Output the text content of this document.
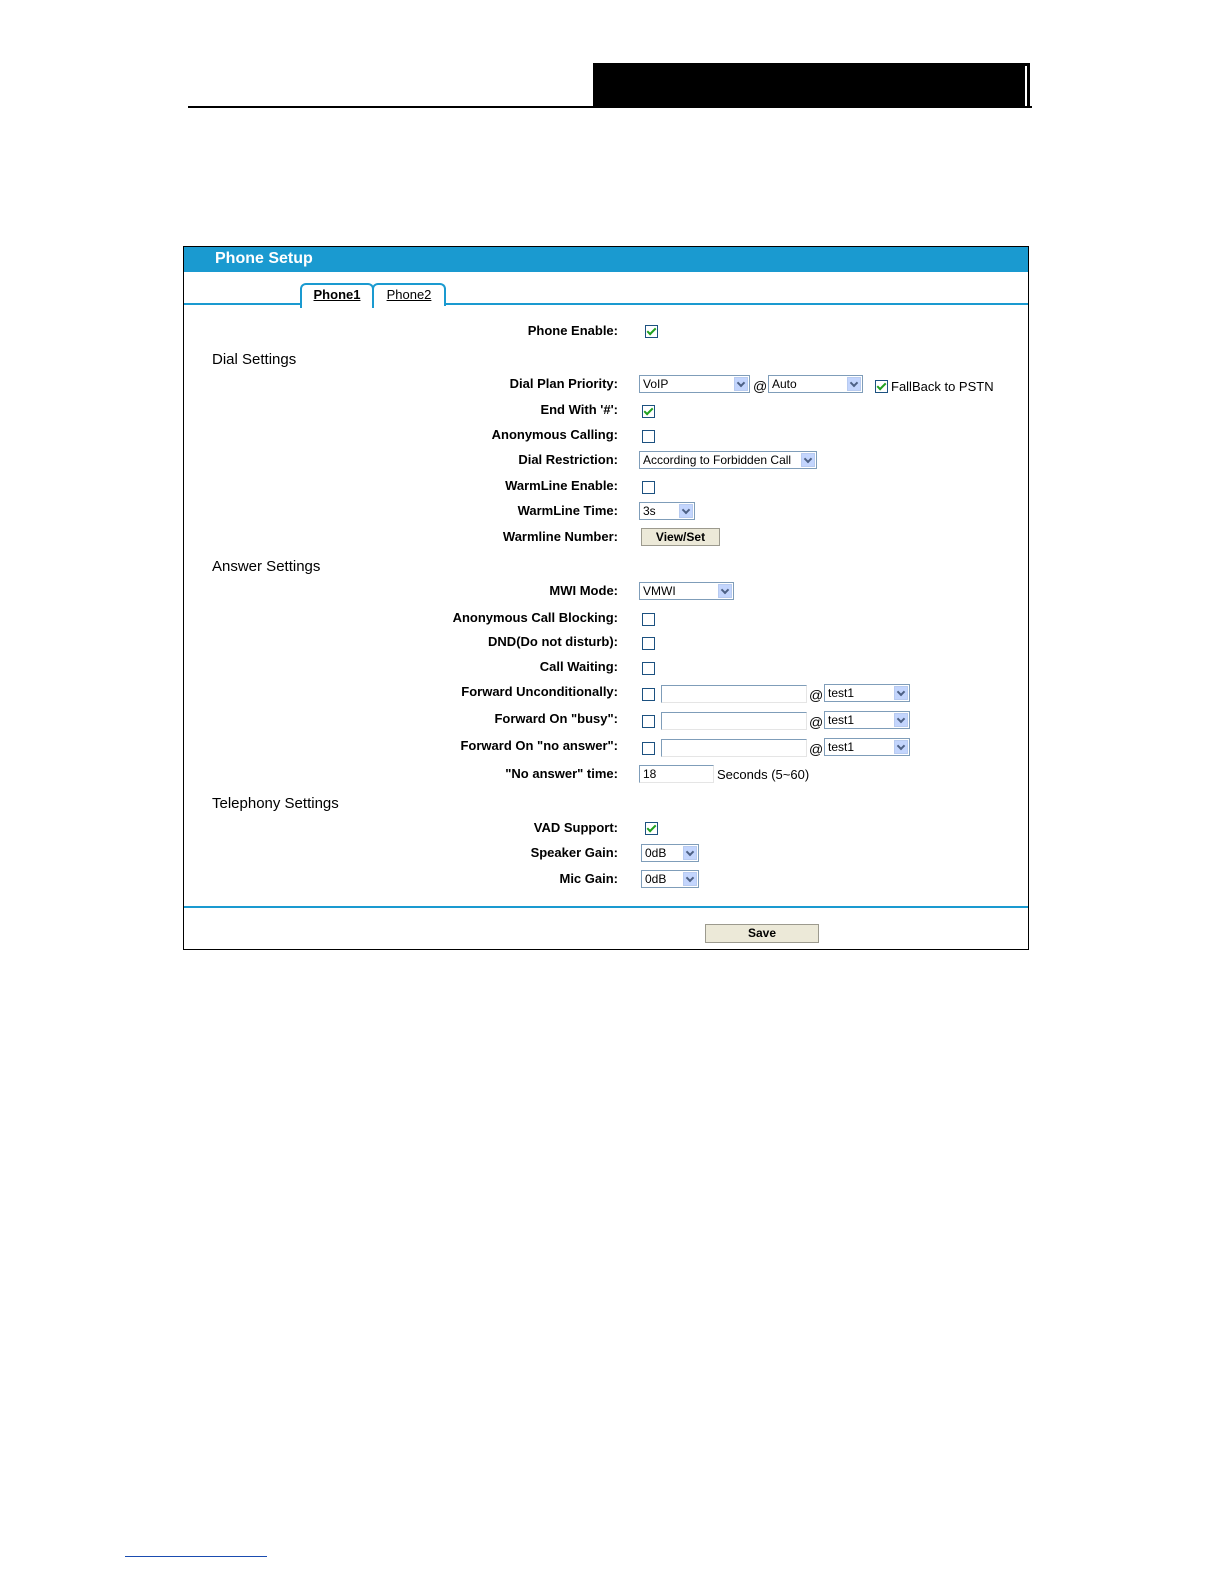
Phone Setup
Phone1	Phone2
Phone Enable:
Dial Settings
Dial Plan Priority:	VoIP	@ Auto	FallBack to PSTN
End With '#':
Anonymous Calling:
Dial Restriction:	According to Forbidden Call
WarmLine Enable:
WarmLine Time:	3s
Warmline Number:	View/Set
Answer Settings
MWI Mode:	VMWI
Anonymous Call Blocking:
DND(Do not disturb):
Call Waiting:
Forward Unconditionally:	@ test1
Forward On "busy":	@ test1
Forward On "no answer":	@ test1
"No answer" time:	18	Seconds (5~60)
Telephony Settings
VAD Support:
Speaker Gain:	0dB
Mic Gain:	0dB
Save
